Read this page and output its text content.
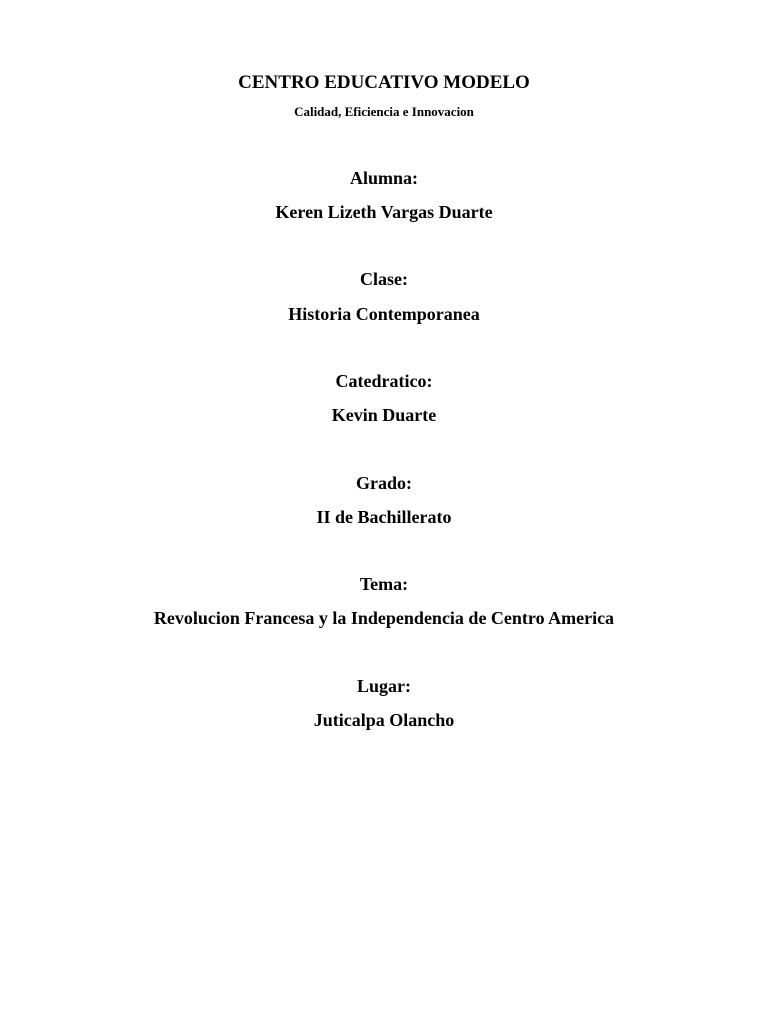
CENTRO EDUCATIVO MODELO
Calidad, Eficiencia e Innovacion
Alumna:
Keren Lizeth Vargas Duarte
Clase:
Historia Contemporanea
Catedratico:
Kevin Duarte
Grado:
II de Bachillerato
Tema:
Revolucion Francesa y la Independencia de Centro America
Lugar:
Juticalpa Olancho
